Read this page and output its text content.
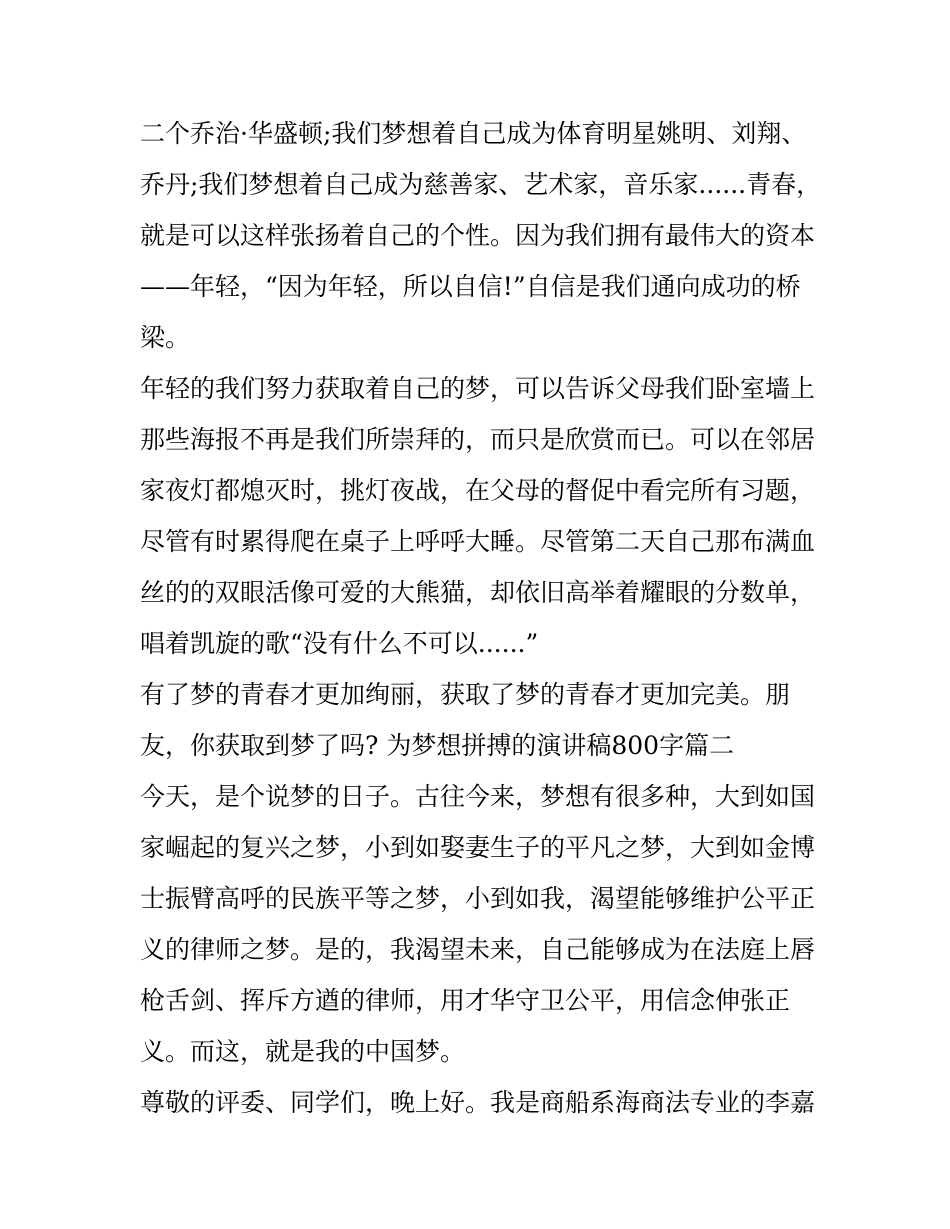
二个乔治·华盛顿;我们梦想着自己成为体育明星姚明、刘翔、
乔丹;我们梦想着自己成为慈善家、艺术家，音乐家......青春，
就是可以这样张扬着自己的个性。因为我们拥有最伟大的资本
——年轻，“因为年轻，所以自信!”自信是我们通向成功的桥
梁。
年轻的我们努力获取着自己的梦，可以告诉父母我们卧室墙上
那些海报不再是我们所崇拜的，而只是欣赏而已。可以在邻居
家夜灯都熄灭时，挑灯夜战，在父母的督促中看完所有习题，
尽管有时累得爬在桌子上呼呼大睡。尽管第二天自己那布满血
丝的的双眼活像可爱的大熊猫，却依旧高举着耀眼的分数单，
唱着凯旋的歌“没有什么不可以......”
有了梦的青春才更加绚丽，获取了梦的青春才更加完美。朋
友，你获取到梦了吗? 为梦想拼搏的演讲稿800字篇二
今天，是个说梦的日子。古往今来，梦想有很多种，大到如国
家崛起的复兴之梦，小到如娶妻生子的平凡之梦，大到如金博
士振臂高呼的民族平等之梦，小到如我，渴望能够维护公平正
义的律师之梦。是的，我渴望未来，自己能够成为在法庭上唇
枪舌剑、挥斥方遒的律师，用才华守卫公平，用信念伸张正
义。而这，就是我的中国梦。
尊敬的评委、同学们，晚上好。我是商船系海商法专业的李嘉
